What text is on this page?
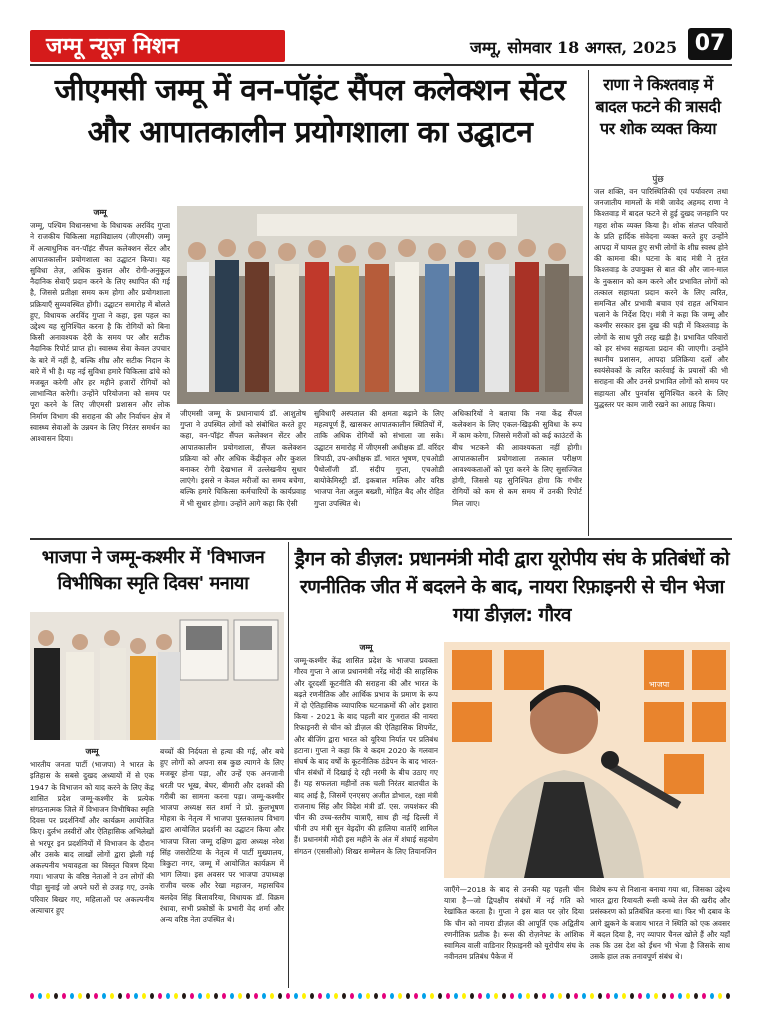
जम्मू न्यूज़ मिशन	जम्मू, सोमवार 18 अगस्त, 2025 07
जीएमसी जम्मू में वन-पॉइंट सैंपल कलेक्शन सेंटर और आपातकालीन प्रयोगशाला का उद्घाटन
जम्मू
जम्मू, पश्चिम विधानसभा के विधायक अरविंद गुप्ता ने राजकीय चिकित्सा महाविद्यालय (जीएमसी) जम्मू में अत्याधुनिक वन-पॉइंट सैंपल कलेक्शन सेंटर और आपातकालीन प्रयोगशाला का उद्घाटन किया। यह सुविधा तेज़, अधिक कुशल और रोगी-अनुकूल नैदानिक सेवाएँ प्रदान करने के लिए स्थापित की गई है, जिससे प्रतीक्षा समय कम होगा और प्रयोगशाला प्रक्रियाएँ सुव्यवस्थित होंगी। उद्घाटन समारोह में बोलते हुए, विधायक अरविंद गुप्ता ने कहा, इस पहल का उद्देश्य यह सुनिश्चित करना है कि रोगियों को बिना किसी अनावश्यक देरी के समय पर और सटीक नैदानिक रिपोर्ट प्राप्त हो। स्वास्थ्य सेवा केवल उपचार के बारे में नहीं है, बल्कि शीघ्र और सटीक निदान के बारे में भी है। यह नई सुविधा हमारे चिकित्सा ढांचे को मजबूत करेगी और हर महीने हजारों रोगियों को लाभान्वित करेगी। उन्होंने परियोजना को समय पर पूरा करने के लिए जीएमसी प्रशासन और लोक निर्माण विभाग की सराहना की और निर्वाचन क्षेत्र में स्वास्थ्य सेवाओं के उन्नयन के लिए निरंतर समर्थन का आश्वासन दिया।
जीएमसी जम्मू के प्रधानाचार्य डॉ. आशुतोष गुप्ता ने उपस्थित लोगों को संबोधित करते हुए कहा, वन-पॉइंट सैंपल कलेक्शन सेंटर और आपातकालीन प्रयोगशाला, सैंपल कलेक्शन प्रक्रिया को और अधिक केंद्रीकृत और कुशल बनाकर रोगी देखभाल में उल्लेखनीय सुधार लाएंगे। इससे न केवल मरीजों का समय बचेगा, बल्कि हमारे चिकित्सा कर्मचारियों के कार्यप्रवाह में भी सुधार होगा। उन्होंने आगे कहा कि ऐसी
सुविधाएँ अस्पताल की क्षमता बढ़ाने के लिए महत्वपूर्ण हैं, खासकर आपातकालीन स्थितियों में, ताकि अधिक रोगियों को संभाला जा सके। उद्घाटन समारोह में जीएमसी अधीक्षक डॉ. वरिंदर त्रिपाठी, उप-अधीक्षक डॉ. भारत भूषण, एचओडी पैथोलॉजी डॉ. संदीप गुप्ता, एचओडी बायोकेमिस्ट्री डॉ. इकबाल मलिक और वरिष्ठ भाजपा नेता अतुल बख्शी, मोहित बैद और रोहित गुप्ता उपस्थित थे।
अधिकारियों ने बताया कि नया केंद्र सैंपल कलेक्शन के लिए एकल-खिड़की सुविधा के रूप में काम करेगा, जिससे मरीजों को कई काउंटरों के बीच भटकने की आवश्यकता नहीं होगी। आपातकालीन प्रयोगशाला तत्काल परीक्षण आवश्यकताओं को पूरा करने के लिए सुसज्जित होगी, जिससे यह सुनिश्चित होगा कि गंभीर रोगियों को कम से कम समय में उनकी रिपोर्ट मिल जाए।
राणा ने किश्तवाड़ में बादल फटने की त्रासदी पर शोक व्यक्त किया
पुंछ
जल शक्ति, वन पारिस्थितिकी एवं पर्यावरण तथा जनजातीय मामलों के मंत्री जावेद अहमद राणा ने किश्तवाड़ में बादल फटने से हुई दुखद जनहानि पर गहरा शोक व्यक्त किया है। शोक संतप्त परिवारों के प्रति हार्दिक संवेदना व्यक्त करते हुए उन्होंने आपदा में घायल हुए सभी लोगों के शीघ्र स्वस्थ होने की कामना की। घटना के बाद मंत्री ने तुरंत किश्तवाड़ के उपायुक्त से बात की और जान-माल के नुकसान को कम करने और प्रभावित लोगों को तत्काल सहायता प्रदान करने के लिए त्वरित, समन्वित और प्रभावी बचाव एवं राहत अभियान चलाने के निर्देश दिए। मंत्री ने कहा कि जम्मू और कश्मीर सरकार इस दुख की घड़ी में किश्तवाड़ के लोगों के साथ पूरी तरह खड़ी है। प्रभावित परिवारों को हर संभव सहायता प्रदान की जाएगी। उन्होंने स्थानीय प्रशासन, आपदा प्रतिक्रिया दलों और स्वयंसेवकों के त्वरित कार्रवाई के प्रयासों की भी सराहना की और उनसे प्रभावित लोगों को समय पर सहायता और पुनर्वास सुनिश्चित करने के लिए युद्धस्तर पर काम जारी रखने का आग्रह किया।
भाजपा ने जम्मू-कश्मीर में 'विभाजन विभीषिका स्मृति दिवस' मनाया
जम्मू
भारतीय जनता पार्टी (भाजपा) ने भारत के इतिहास के सबसे दुखद अध्यायों में से एक 1947 के विभाजन को याद करने के लिए केंद्र शासित प्रदेश जम्मू-कश्मीर के प्रत्येक संगठनात्मक जिले में विभाजन विभीषिका स्मृति दिवस पर प्रदर्शनियाँ और कार्यक्रम आयोजित किए। दुर्लभ तस्वीरों और ऐतिहासिक अभिलेखों से भरपूर इन प्रदर्शनियों में विभाजन के दौरान और उसके बाद लाखों लोगों द्वारा झेली गई अकल्पनीय भयावहता का विस्तृत चित्रण दिया गया। भाजपा के वरिष्ठ नेताओं ने उन लोगों की पीड़ा सुनाई जो अपने घरों से उजड़ गए, उनके परिवार बिखर गए, महिलाओं पर अकल्पनीय अत्याचार हुए
बच्चों की निर्दयता से हत्या की गई, और बचे हुए लोगों को अपना सब कुछ त्यागने के लिए मजबूर होना पड़ा, और उन्हें एक अनजानी धरती पर भूख, बेघर, बीमारी और दशकों की गरीबी का सामना करना पड़ा। जम्मू-कश्मीर भाजपा अध्यक्ष सत शर्मा ने प्रो. कुलभूषण मोहत्रा के नेतृत्व में भाजपा पुस्तकालय विभाग द्वारा आयोजित प्रदर्शनी का उद्घाटन किया और भाजपा जिला जम्मू दक्षिण द्वारा अध्यक्ष नरेश सिंह जसरोटिया के नेतृत्व में पार्टी मुख्यालय, त्रिकुटा नगर, जम्मू में आयोजित कार्यक्रम में भाग लिया। इस अवसर पर भाजपा उपाध्यक्ष राजीव चरक और रेखा महाजन, महासचिव बलदेव सिंह बिलावरिया, विधायक डॉ. विक्रम रंधावा, सभी प्रकोष्ठों के प्रभारी वेद शर्मा और अन्य वरिष्ठ नेता उपस्थित थे।
ड्रैगन को डीज़ल: प्रधानमंत्री मोदी द्वारा यूरोपीय संघ के प्रतिबंधों को रणनीतिक जीत में बदलने के बाद, नायरा रिफ़ाइनरी से चीन भेजा गया डीज़ल: गौरव
जम्मू
जम्मू-कश्मीर केंद्र शासित प्रदेश के भाजपा प्रवक्ता गौरव गुप्ता ने आज प्रधानमंत्री नरेंद्र मोदी की साहसिक और दूरदर्शी कूटनीति की सराहना की और भारत के बढ़ते रणनीतिक और आर्थिक प्रभाव के प्रमाण के रूप में दो ऐतिहासिक व्यापारिक घटनाक्रमों की ओर इशारा किया - 2021 के बाद पहली बार गुजरात की नायरा रिफाइनरी से चीन को डीज़ल की ऐतिहासिक शिपमेंट, और बीजिंग द्वारा भारत को यूरिया निर्यात पर प्रतिबंध हटाना। गुप्ता ने कहा कि ये कदम 2020 के गलवान संघर्ष के बाद वर्षों के कूटनीतिक ठंडेपन के बाद भारत-चीन संबंधों में दिखाई दे रही नरमी के बीच उठाए गए हैं। यह सफलता महीनों तक चली निरंतर बातचीत के बाद आई है, जिसमें एनएसए अजीत डोभाल, रक्षा मंत्री राजनाथ सिंह और विदेश मंत्री डॉ. एस. जयशंकर की चीन की उच्च-स्तरीय यात्राएँ, साथ ही नई दिल्ली में चीनी उप मंत्री सुन वेइदोंग की हालिया वार्ताएँ शामिल हैं। प्रधानमंत्री मोदी इस महीने के अंत में शंघाई सहयोग संगठन (एससीओ) शिखर सम्मेलन के लिए तियानजिन
भाजपा
जाएँगे—2018 के बाद से उनकी यह पहली चीन यात्रा है—जो द्विपक्षीय संबंधों में नई गति को रेखांकित करता है। गुप्ता ने इस बात पर ज़ोर दिया कि चीन को नायरा डीज़ल की आपूर्ति एक अद्वितीय रणनीतिक प्रतीक है। रूस की रोज़नेफ्ट के आंशिक स्वामित्व वाली वाडिनार रिफ़ाइनरी को यूरोपीय संघ के नवीनतम प्रतिबंध पैकेज में
विशेष रूप से निशाना बनाया गया था, जिसका उद्देश्य भारत द्वारा रियायती रूसी कच्चे तेल की खरीद और प्रसंस्करण को प्रतिबंधित करना था। फिर भी दबाव के आगे झुकने के बजाय भारत ने स्थिति को एक अवसर में बदल दिया है, नए व्यापार चैनल खोले हैं और यहाँ तक कि उस देश को ईंधन भी भेजा है जिसके साथ उसके हाल तक तनावपूर्ण संबंध थे।
